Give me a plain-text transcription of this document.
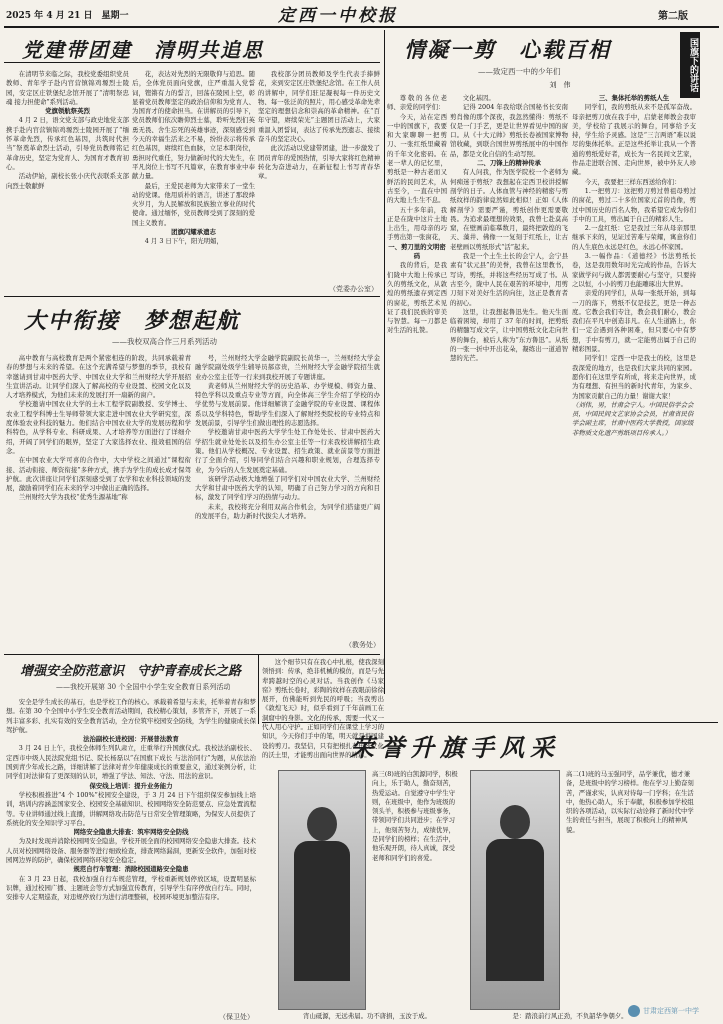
2025 年 4 月 21 日　星期一	定西一中校报	第二版
国旗下的讲话
党建带团建　清明共追思

在清明节来临之际，我校党委组织党员教师、青年学子赴内官营镇锦鸡塬烈士陵园，安定区庄铁堡纪念馆开展了“清明祭忠魂 接力担使命”系列活动。

党旗领航祭英烈

4 月 2 日，语文党支部与政史地党支部携手赴内官营镇锦鸡塬烈士陵园开展了“缅怀革命先烈，传承红色基因，共筑时代担当”祭奠革命烈士活动，引导党员教师铭记革命历史，坚定为党育人、为国育才教育初心。

活动伊始，副校长张小庆代表联系支部向烈士敬献鲜

花，表达对先烈的无限敬仰与追思。随后，全体党员面向党旗，庄严重温入党誓词，铿锵有力的誓言，回荡在陵园上空，彰显着党员教师坚定的政治信仰和为党育人、为国育才的使命担当。在讲解员的引导下，党员教师们依次瞻仰烈士墓，聆听先烈们英勇无畏、舍生忘死的英雄事迹，深刻感受到今天的幸福生活来之不易，纷纷表示将传承红色基因，赓续红色血脉，立足本职岗位，勇担时代重任，努力做新时代的大先生，在平凡岗位上书写不凡篇章，在教育事业中奉献力量。

最后，王爱民老师为大家带来了一堂生动的党课。他用质朴的语言，讲述了那段烽火岁月，为人民解放和民族独立事业的时代使命。通过缅怀，党员教师受到了深刻的爱国主义教育。

团旗闪耀承遗志

4 月 3 日下午，阳光明媚，

我校部分团员教师及学生代表手捧鲜花，来到安定区庄铁堡纪念馆。在工作人员的讲解中，同学们驻足凝视每一件历史文物、每一张泛黄的照片，用心感受革命先辈坚定的理想信念和崇高的革命精神。在“百年守望，赓续荣光”主题团日活动上，大家重温入团誓词，表达了传承先烈遗志、接续奋斗的坚定决心。

此次活动以党建带团建，进一步激发了团员青年的爱国热情，引导大家将红色精神转化为奋进动力，在新征程上书写青春华章。

（党委办公室）
情凝一剪　心载百相
——致定西一中的少年们
刘　伟

尊敬的各位老师、亲爱的同学们：

今天，站在定西一中的国旗下，我要和大家聊聊一把剪刀、一张红纸里藏着的千年文化密码。在老一辈人的记忆里，剪纸是一种古老而又鲜活的民间艺术，从古至今，一直在中国的大地上生生不息。

五十多年前，我正是在陇中这片土地上出生，用母亲的巧手剪出第一张窗花，

一、剪刀里的文明密码

我的背后，是我们陇中大地上传承已久的剪纸文化，从敦煌的剪纸遗存到定西的窗花，剪纸艺术见证了我们民族的审美与智慧。每一刀都是对生活的礼赞。

文化基因。

记得 2004 年我给联合国秘书长安南剪肖像的那个深夜，我忽然懂得：剪纸不仅是一门手艺，更是让世界看见中国的窗口。从《十大元帅》剪纸长卷被国家博物馆收藏，到联合国世界剪纸展中的中国作品，都是文化自信的生动写照。

二、刀锋上的精神传承

有人问我，作为医学院校一个老师为何痴迷于剪纸？我想起在定西卫校讲授解剖学的日子。人体血管与神经的精密与剪纸纹样的韵律竟然如此相似！正如《人体解剖学》需要严谨，剪纸创作更需要敬畏。为追求最理想的效果，我曾七赴莫高窟，在壁画前临摹数月，最终把敦煌的飞天、藻井、佛像一一复刻于红纸上，让古老壁画以剪纸形式“活”起来。

我是一个土生土长的会宁人，会宁县素有“状元县”的美誉，我曾在这里教书，写诗，剪纸，并将这些经历写成了书。从古至今，陇中人民在艰苦的环境中，用剪刀刻下对美好生活的向往，这正是教育者的初心。

这里，让我想起鲁迅先生。他天生面临着困境，却用了 37 年的时间，把剪纸的精髓写成文字，让中国剪纸文化走向世界的舞台，被后人称为“东方鲁迅”。从纸的一张一折中开出花朵，凝练出一道道智慧的光芒。

三、集体托举的剪纸人生

同学们，我的剪纸从来不是孤军奋战。母亲把剪刀放在我手中，启蒙老师教会我审美，学校给了我展示的舞台，同事给予支持，学生给予灵感。这是“三言两语”难以说尽的集体托举。正是这些托举让我从一个普通的剪纸爱好者，成长为一名民间文艺家，作品走进联合国、走向世界，被中外友人珍藏。

今天，我要把三样东西送给你们：

1.一把剪刀：这把剪刀剪过曾祖母剪过的窗花，剪过二十多位国家元首的肖像，剪过中国历史的百名人物，我希望它成为你们手中的工具，剪出属于自己的精彩人生。

2.一盘红纸：它是我过三年从母亲那里继承下来的，见证过苦难与荣耀，寓意你们的人生底色永远是红色，永远心怀家国。

3.一幅作品：《道德经》书法剪纸长卷，这是我用数年时光完成的作品，告诉大家做学问与做人都需要耐心与坚守，只要持之以恒，小小的剪刀也能雕琢出大世界。

亲爱的同学们，从每一张纸开始，到每一刀的落下，剪纸不仅是技艺，更是一种态度。它教会我们专注，教会我们耐心，教会我们在平凡中创造非凡。在人生道路上，你们一定会遇到各种困难，但只要心中有梦想，手中有剪刀，就一定能剪出属于自己的精彩图景。

同学们！定西一中是我士的校，这里是我深爱的地方，也是我们大家共同的家园。愿你们在这里学有所成，将来走向世界，成为有理想、有担当的新时代青年，为家乡、为国家贡献自己的力量！谢谢大家！

（刘伟，男，甘肃会宁人。中国民俗学会会员，中国民间文艺家协会会员，甘肃省民俗学会副主席，甘肃中医药大学教授，国家级非物质文化遗产剪纸项目传承人。）

大中衔接　梦想起航
——我校双高合作三月系列活动

高中教育与高校教育是两个紧密相连的阶段，共同承载着青春的梦想与未来的希望。在这个充满希望与梦想的季节，我校有幸邀请到甘肃中医药大学、中国农业大学和兰州财经大学开展招生宣讲活动。让同学们深入了解高校的专业设置、校园文化以及人才培养模式，为他们未来的发展打开一扇新的窗户。

学校邀请中国农业大学的土木工程学院副教授、安学博士、农业工程学科博士生导师带领大家走进中国农业大学研究室，深度体验农业科技的魅力。他们结合中国农业大学的发展历程和学科特色，从学科专业、科研成果、人才培养等方面进行了详细介绍，开阔了同学们的眼界，坚定了大家选择农业、报效祖国的信念。

在中国农业大学可喜的合作中，大中学校之间通过“课程衔接、活动衔接、师资衔接”多种方式，携手为学生的成长成才保驾护航。此次讲座让同学们深刻感受到了农学和农业科技领域的发展，激励着同学们在未来的学习中做出正确的选择。

兰州财经大学为我校“优秀生源基地”称

号，兰州财经大学金融学院副院长黄华一，兰州财经大学金融学院副处级学生辅导员郝彦贵，兰州财经大学金融学院招生就业办公室主任等一行来到我校开展了专题讲座。

黄老师从兰州财经大学的历史沿革、办学规模、师资力量、特色学科以及重点专业等方面，向全体高三学生介绍了学校的办学优势与发展前景。他详细解读了金融学院的专业设置、课程体系以及学科特色，帮助学生们深入了解财经类院校的专业特点和发展前景，引导学生们做出理性的志愿选择。

学校邀请甘肃中医药大学学生处工作处处长、甘肃中医药大学招生就业处处长以及招生办公室主任等一行来我校讲解招生政策。他们从学校概况、专业设置、招生政策、就业前景等方面进行了全面介绍，引导同学们结合兴趣和职业规划，合理选择专业，为今后的人生发展奠定基础。

该研学活动极大地增强了同学们对中国农业大学、兰州财经大学和甘肃中医药大学的认知，明确了自己努力学习的方向和目标，激发了同学们学习的热情与动力。

未来，我校将充分利用双高合作机会，为同学们搭建更广阔的发展平台，助力新时代拔尖人才培养。

（教务处）
增强安全防范意识　守护青春成长之路
——我校开展第 30 个全国中小学生安全教育日系列活动

安全是学生成长的基石，也是学校工作的核心。承载着希望与未来，托举着青春和梦想。在第 30 个全国中小学生安全教育活动期间，我校精心策划，多管齐下，开展了一系列丰富多彩、扎实有效的安全教育活动，全方位筑牢校园安全防线，为学生的健康成长保驾护航。

法治副校长进校园：开展普法教育

3 月 24 日上午，我校全体师生列队肃立，庄重举行升国旗仪式。我校法治副校长、定西市中级人民法院党组书记、院长杨磊以“在国旗下成长 与法治同行”为题，从依法治国到青少年成长之路，详细讲解了法律对青少年健康成长的重要意义，通过案例分析，让同学们对法律有了更深刻的认识，增强了学法、知法、守法、用法的意识。

保安线上培训：提升业务能力

学校积极推进“4 个 100%”校园安全建设，于 3 月 24 日下午组织保安参加线上培训，培训内容涵盖国家安全、校园安全基础知识、校园网络安全防范要点、应急处置流程等。专业讲师通过线上直播，讲解网络攻击防范与日常安全管理策略，为保安人员提供了系统化的安全知识学习平台。

网络安全隐患大排查：筑牢网络安全防线

为及时发现并消除校园网安全隐患，学校开展全面的校园网络安全隐患大排查。技术人员对校园网络设备、服务器等进行细致检查，排查网络漏洞，更新安全软件，加强对校园网边界的防护，确保校园网络环境安全稳定。

规范自行车管理：消除校园道路安全隐患

在 3 月 23 日起，我校加强自行车规范管理，学校重新规划停放区域，设置明显标识牌，通过校园广播、主题班会等方式加强宣传教育，引导学生有序停放自行车。同时，安排专人定期巡查，对违规停放行为进行清理整顿，校园环境更加整洁有序。

（保卫处）

这个细节只有在我心中扎根，使我深刻领悟到：传承，绝非机械的模仿，而是与先辈跨越时空的心灵对话。当我创作《马家窑》剪纸长卷时，彩陶的纹样在我眼前徐徐展开，仿佛能听到先民的呼吸；当我剪出《敦煌飞天》时，似乎看到了千年前画工在洞窟中的身影。文化的传承，需要一代又一代人用心守护。正如同学们在课堂上学习的知识，今天你们手中的笔，明天就是祖国建设的剪刀。我坚信，只有把根扎在传统文化的沃土里，才能剪出面向世界的精彩。

荣誉升旗手风采
高三(8)班的白凯源同学，积极向上，乐于助人，勤奋刻苦，热爱运动。自觉遵守中学生守则，在班级中，他作为班级的领头羊，积极参与班级事务，带领同学们共同进步；在学习上，他刻苦努力，成绩优异，是同学们的榜样；在生活中，他乐观开朗，待人真诚，深受老师和同学们的喜爱。
高二(1)班的马玉强同学，品学兼优，德才兼备，是班级中的学习榜样。他在学习上勤奋刻苦，严谨求实，认真对待每一门学科；在生活中，他热心助人，乐于奉献，积极参加学校组织的各项活动，以实际行动诠释了新时代中学生的责任与担当，展现了积极向上的精神风貌。
宵山砥源，无远弗届。功不唐捐，玉汝于成。	是：踏浪前行风正劲，不负韶华争朝夕。
甘肃定西第一中学
